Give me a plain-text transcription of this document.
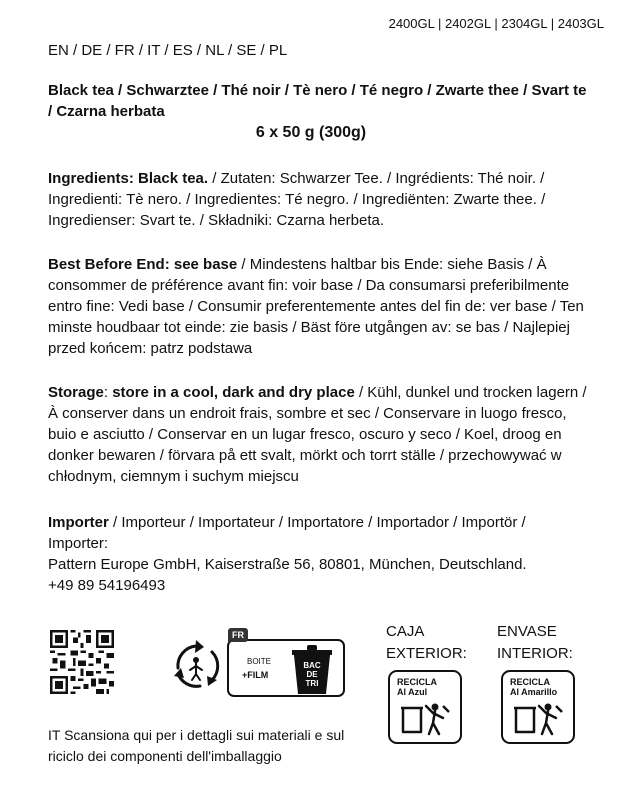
2400GL | 2402GL | 2304GL | 2403GL
EN / DE / FR / IT / ES / NL / SE / PL
Black tea / Schwarztee / Thé noir / Tè nero / Té negro / Zwarte thee / Svart te / Czarna herbata
6 x 50 g (300g)
Ingredients: Black tea. / Zutaten: Schwarzer Tee. / Ingrédients: Thé noir. / Ingredienti: Tè nero. / Ingredientes: Té negro. / Ingrediënten: Zwarte thee. / Ingredienser: Svart te. / Składniki: Czarna herbeta.
Best Before End: see base / Mindestens haltbar bis Ende: siehe Basis / À consommer de préférence avant fin: voir base / Da consumarsi preferibilmente entro fine: Vedi base / Consumir preferentemente antes del fin de: ver base / Ten minste houdbaar tot einde: zie basis / Bäst före utgången av: se bas / Najlepiej przed końcem: patrz podstawa
Storage: store in a cool, dark and dry place / Kühl, dunkel und trocken lagern / À conserver dans un endroit frais, sombre et sec / Conservare in luogo fresco, buio e asciutto / Conservar en un lugar fresco, oscuro y seco / Koel, droog en donker bewaren / förvara på ett svalt, mörkt och torrt ställe / przechowywać w chłodnym, ciemnym i suchym miejscu
Importer / Importeur / Importateur / Importatore / Importador / Importör / Importer:
Pattern Europe GmbH, Kaiserstraße 56, 80801, München, Deutschland.
+49 89 54196493
FR
BOITE
+FILM
BAC
DE
TRI
IT Scansiona qui per i dettagli sui materiali e sul riciclo dei componenti dell'imballaggio
CAJA
EXTERIOR:
RECICLA
Al Azul
ENVASE
INTERIOR:
RECICLA
Al Amarillo
